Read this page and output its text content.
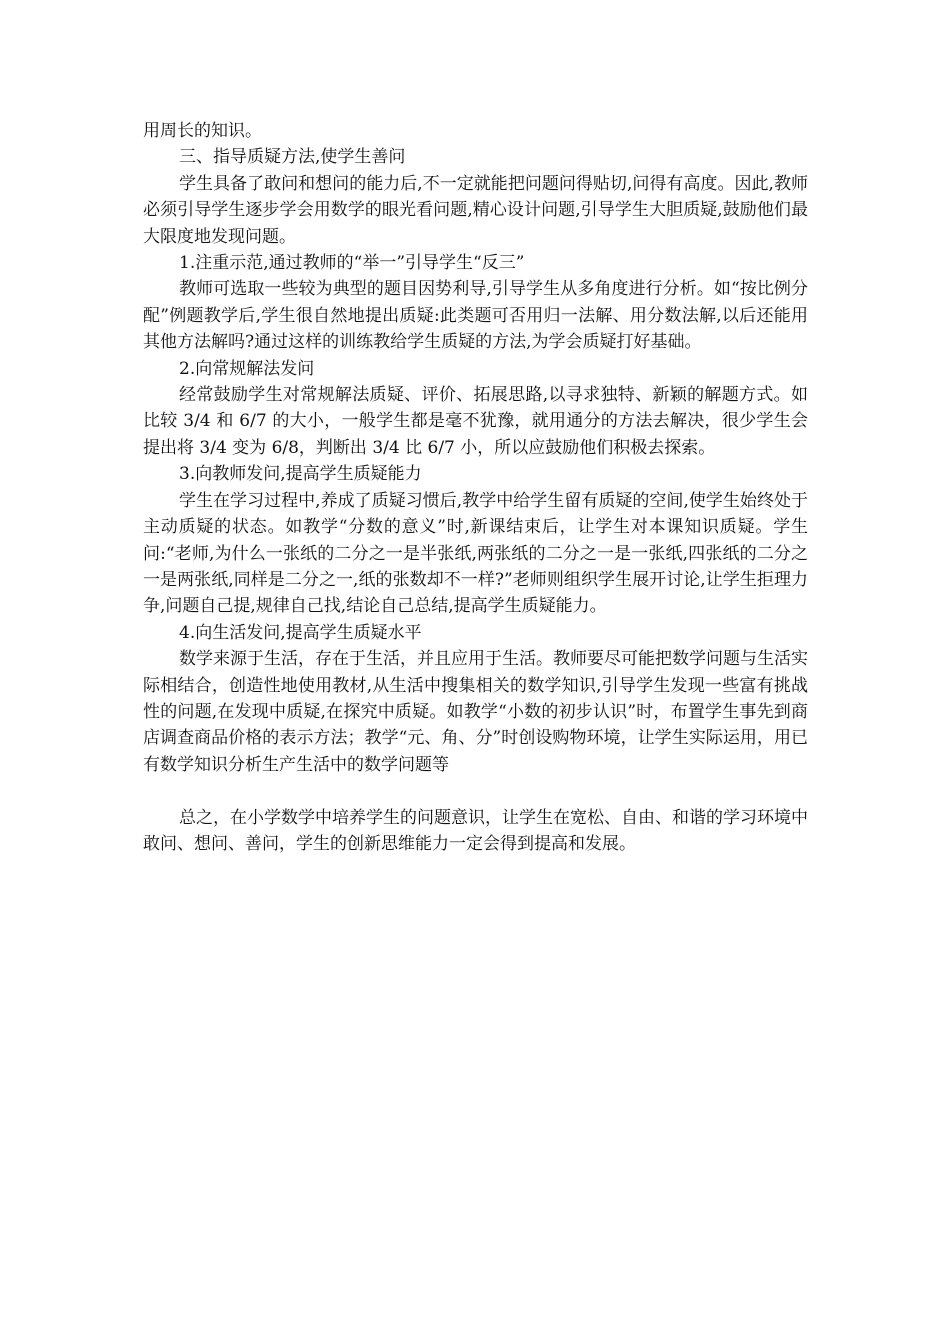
用周长的知识。

三、指导质疑方法,使学生善问

学生具备了敢问和想问的能力后,不一定就能把问题问得贴切,问得有高度。因此,教师必须引导学生逐步学会用数学的眼光看问题,精心设计问题,引导学生大胆质疑,鼓励他们最大限度地发现问题。

1.注重示范,通过教师的“举一”引导学生“反三”

教师可选取一些较为典型的题目因势利导,引导学生从多角度进行分析。如“按比例分配”例题教学后,学生很自然地提出质疑:此类题可否用归一法解、用分数法解,以后还能用其他方法解吗?通过这样的训练教给学生质疑的方法,为学会质疑打好基础。

2.向常规解法发问

经常鼓励学生对常规解法质疑、评价、拓展思路,以寻求独特、新颖的解题方式。如比较 3/4 和 6/7 的大小，一般学生都是毫不犹豫，就用通分的方法去解决，很少学生会提出将 3/4 变为 6/8，判断出 3/4 比 6/7 小，所以应鼓励他们积极去探索。

3.向教师发问,提高学生质疑能力

学生在学习过程中,养成了质疑习惯后,教学中给学生留有质疑的空间,使学生始终处于主动质疑的状态。如教学“分数的意义”时,新课结束后，让学生对本课知识质疑。学生问:“老师,为什么一张纸的二分之一是半张纸,两张纸的二分之一是一张纸,四张纸的二分之一是两张纸,同样是二分之一,纸的张数却不一样?”老师则组织学生展开讨论,让学生拒理力争,问题自己提,规律自己找,结论自己总结,提高学生质疑能力。

4.向生活发问,提高学生质疑水平

数学来源于生活，存在于生活，并且应用于生活。教师要尽可能把数学问题与生活实际相结合，创造性地使用教材,从生活中搜集相关的数学知识,引导学生发现一些富有挑战性的问题,在发现中质疑,在探究中质疑。如教学“小数的初步认识”时，布置学生事先到商店调查商品价格的表示方法；教学“元、角、分”时创设购物环境，让学生实际运用，用已有数学知识分析生产生活中的数学问题等

总之，在小学数学中培养学生的问题意识，让学生在宽松、自由、和谐的学习环境中敢问、想问、善问，学生的创新思维能力一定会得到提高和发展。
